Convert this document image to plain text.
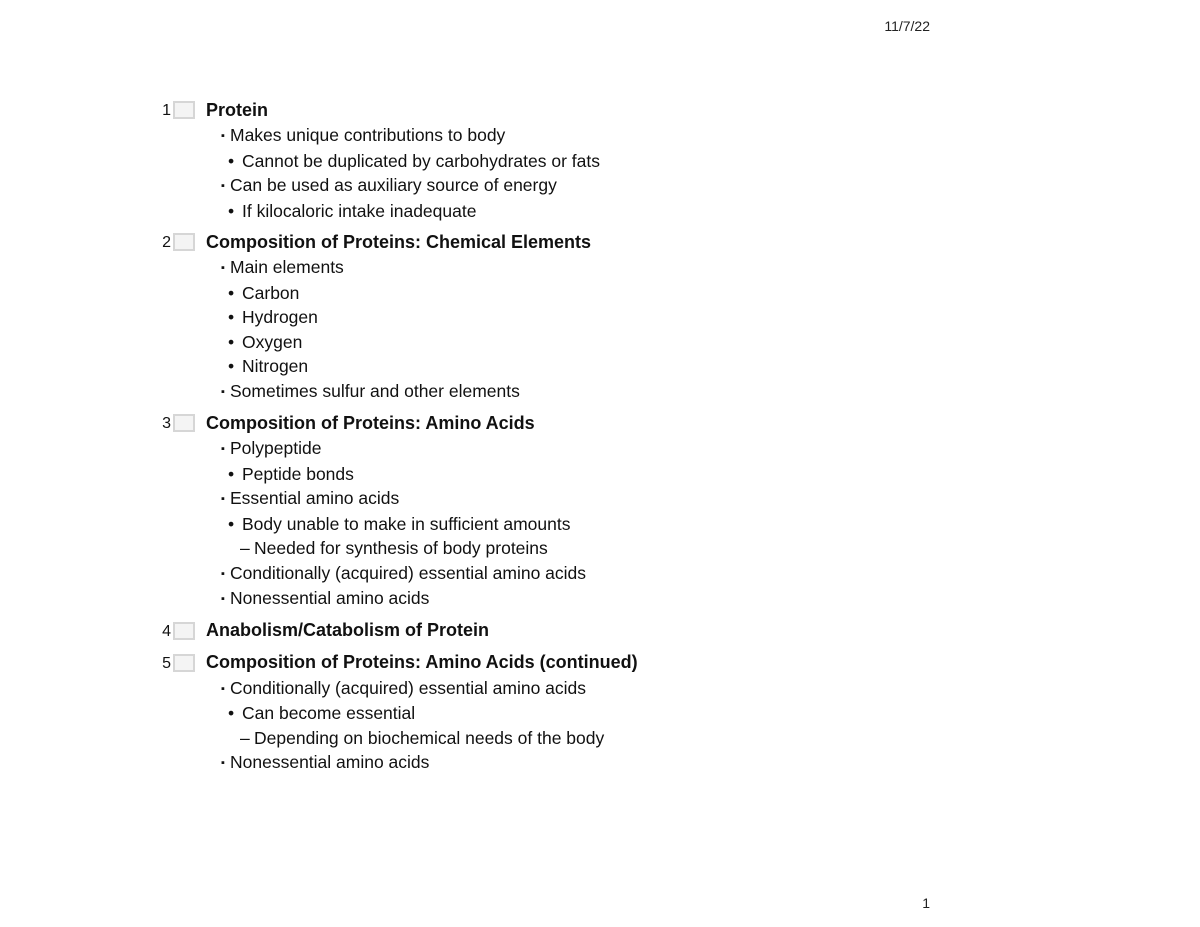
11/7/22
1 Protein
▪ Makes unique contributions to body
• Cannot be duplicated by carbohydrates or fats
▪ Can be used as auxiliary source of energy
• If kilocaloric intake inadequate
2 Composition of Proteins: Chemical Elements
▪ Main elements
• Carbon
• Hydrogen
• Oxygen
• Nitrogen
▪ Sometimes sulfur and other elements
3 Composition of Proteins: Amino Acids
▪ Polypeptide
• Peptide bonds
▪ Essential amino acids
• Body unable to make in sufficient amounts
– Needed for synthesis of body proteins
▪ Conditionally (acquired) essential amino acids
▪ Nonessential amino acids
4 Anabolism/Catabolism of Protein
5 Composition of Proteins: Amino Acids (continued)
▪ Conditionally (acquired) essential amino acids
• Can become essential
– Depending on biochemical needs of the body
▪ Nonessential amino acids
1
